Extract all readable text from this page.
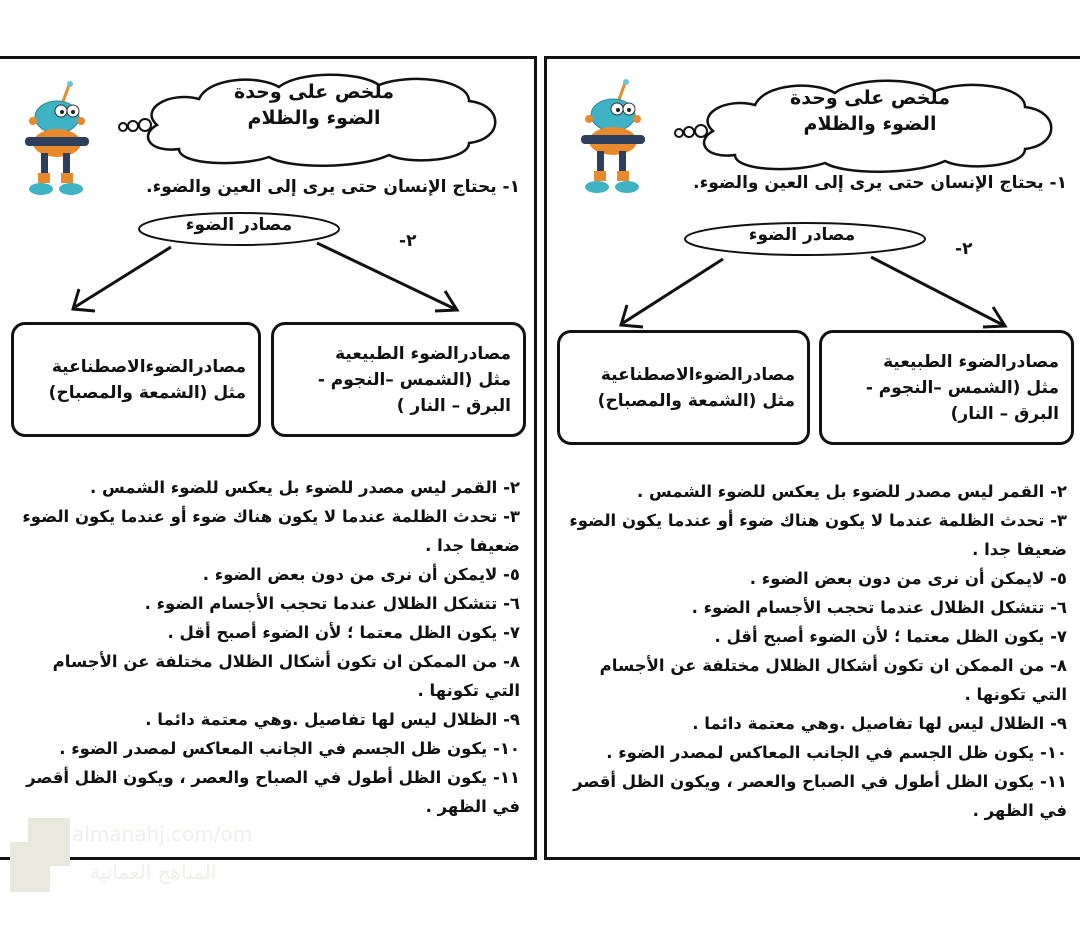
ملخص على وحدة
الضوء والظلام
١- يحتاج الإنسان حتى يرى إلى العين والضوء.
مصادر الضوء
٢-
مصادرالضوء الطبيعية
مثل (الشمس –النجوم -
البرق – النار )
مصادرالضوءالاصطناعية
مثل (الشمعة والمصباح)

٢- القمر ليس مصدر للضوء بل يعكس للضوء الشمس .

٣- تحدث الظلمة عندما لا يكون هناك ضوء أو عندما يكون الضوء ضعيفا جدا .

٥- لايمكن أن نرى من دون بعض الضوء .

٦- تتشكل الظلال عندما تحجب الأجسام الضوء .

٧- يكون الظل معتما ؛ لأن الضوء أصبح أقل .

٨- من الممكن ان تكون أشكال الظلال مختلفة عن الأجسام التي تكونها .

٩- الظلال ليس لها تفاصيل .وهي معتمة دائما .

١٠- يكون ظل الجسم في الجانب المعاكس لمصدر الضوء .

١١- يكون الظل أطول في الصباح والعصر ، ويكون الظل أقصر في الظهر .

ملخص على وحدة
الضوء والظلام
١- يحتاج الإنسان حتى يرى إلى العين والضوء.
مصادر الضوء
٢-
مصادرالضوء الطبيعية
مثل (الشمس –النجوم -
البرق – النار)
مصادرالضوءالاصطناعية
مثل (الشمعة والمصباح)

٢- القمر ليس مصدر للضوء بل يعكس للضوء الشمس .

٣- تحدث الظلمة عندما لا يكون هناك ضوء أو عندما يكون الضوء ضعيفا جدا .

٥- لايمكن أن نرى من دون بعض الضوء .

٦- تتشكل الظلال عندما تحجب الأجسام الضوء .

٧- يكون الظل معتما ؛ لأن الضوء أصبح أقل .

٨- من الممكن ان تكون أشكال الظلال مختلفة عن الأجسام التي تكونها .

٩- الظلال ليس لها تفاصيل .وهي معتمة دائما .

١٠- يكون ظل الجسم في الجانب المعاكس لمصدر الضوء .

١١- يكون الظل أطول في الصباح والعصر ، ويكون الظل أقصر في الظهر .

almanahj.com/om
المناهج العمانية
